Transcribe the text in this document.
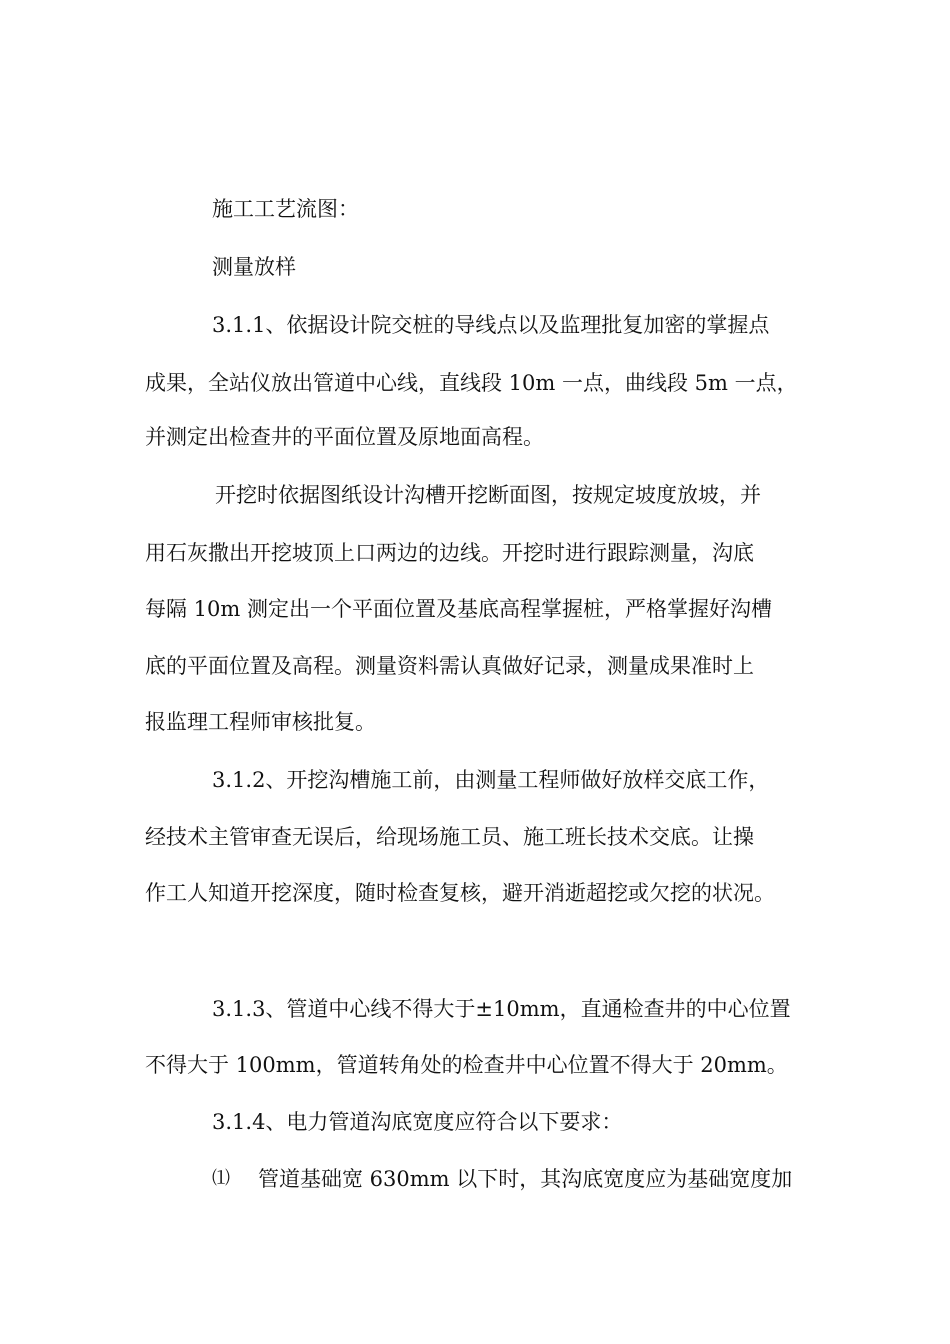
施工工艺流图：
测量放样
3.1.1、依据设计院交桩的导线点以及监理批复加密的掌握点
成果，全站仪放出管道中心线，直线段 10m 一点，曲线段 5m 一点，
并测定出检查井的平面位置及原地面高程。
开挖时依据图纸设计沟槽开挖断面图，按规定坡度放坡，并
用石灰撒出开挖坡顶上口两边的边线。开挖时进行跟踪测量，沟底
每隔 10m 测定出一个平面位置及基底高程掌握桩，严格掌握好沟槽
底的平面位置及高程。测量资料需认真做好记录，测量成果准时上
报监理工程师审核批复。
3.1.2、开挖沟槽施工前，由测量工程师做好放样交底工作，
经技术主管审查无误后，给现场施工员、施工班长技术交底。让操
作工人知道开挖深度，随时检查复核，避开消逝超挖或欠挖的状况。
3.1.3、管道中心线不得大于±10mm，直通检查井的中心位置
不得大于 100mm，管道转角处的检查井中心位置不得大于 20mm。
3.1.4、电力管道沟底宽度应符合以下要求：
⑴ 管道基础宽 630mm 以下时，其沟底宽度应为基础宽度加
